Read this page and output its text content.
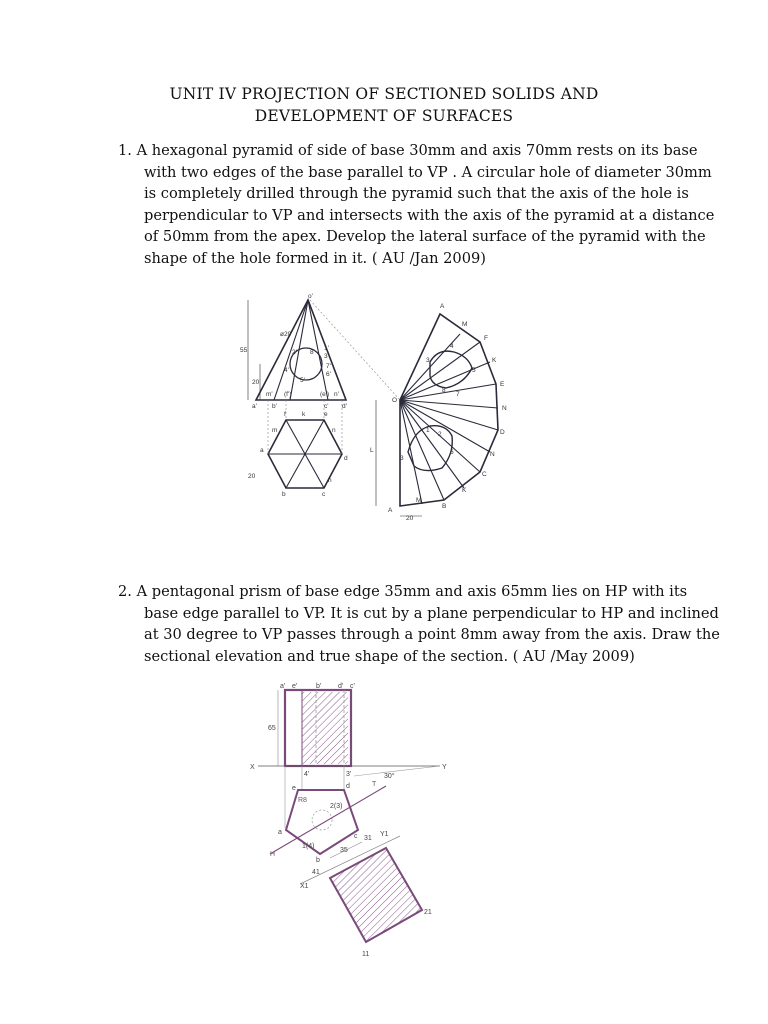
UNIT IV PROJECTION OF SECTIONED SOLIDS AND
DEVELOPMENT OF SURFACES
1. A hexagonal pyramid of side of base 30mm and axis 70mm rests on its base
with two edges of the base parallel to VP . A circular hole of diameter 30mm
is completely drilled through the pyramid such that the axis of the hole is
perpendicular to VP and intersects with the axis of the pyramid at a distance
of 50mm from the apex. Develop the lateral surface of the pyramid with the
shape of the hole formed in it. ( AU /Jan 2009)
o'
ø20
55
20
a'
m'
b'
(f')	(e')
c'
n'
d'
2' 8'
1'
3'
4'
7'
6'
5'
a
f k	e
m	n
d
b	c
h
20
O
A
M
F
K
E
N
D
N
C
K
B
M
A
L
20
3
4
5
7
8
1
2
3
6
2. A pentagonal prism of base edge 35mm and axis 65mm lies on HP with its
base edge parallel to VP. It is cut by a plane perpendicular to HP and inclined
at 30 degree to VP passes through a point 8mm away from the axis. Draw the
sectional elevation and true shape of the section. ( AU /May 2009)
a' e'	b' d' c'
65
X	Y
4'	3'	30°
e	d
R8
2(3)
a
1(4)
c
b
31
Y1
35
H
T
41
X1
21
11
